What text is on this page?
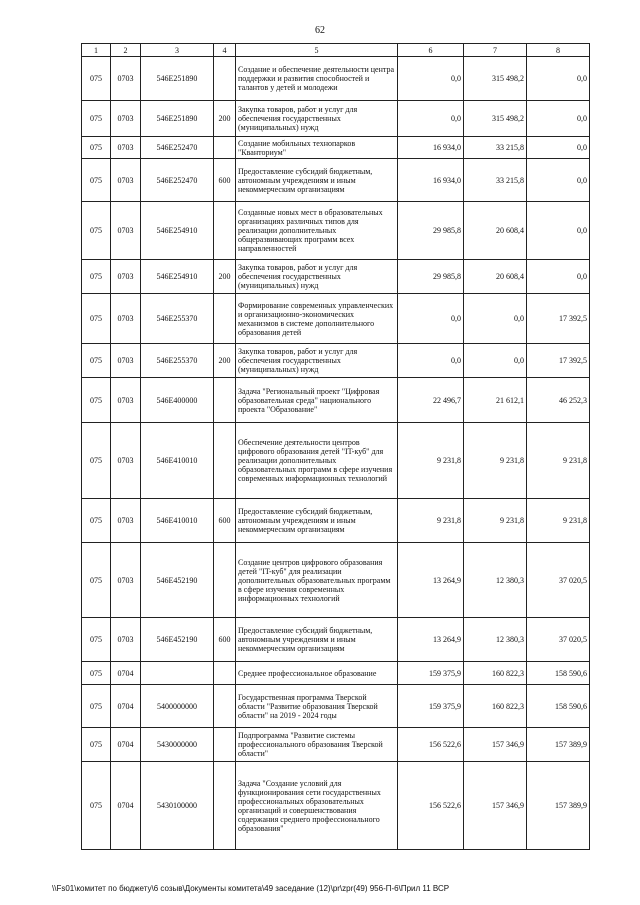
62
1	2	3	4	5	6	7	8
075	0703	546E251890		Создание и обеспечение деятельности центра поддержки и развития способностей и талантов у детей и молодежи	0,0	315 498,2	0,0
075	0703	546E251890	200	Закупка товаров, работ и услуг для обеспечения государственных (муниципальных) нужд	0,0	315 498,2	0,0
075	0703	546E252470		Создание мобильных технопарков "Кванториум"	16 934,0	33 215,8	0,0
075	0703	546E252470	600	Предоставление субсидий бюджетным, автономным учреждениям и иным некоммерческим организациям	16 934,0	33 215,8	0,0
075	0703	546E254910		Созданные новых мест в образовательных организациях различных типов для реализации дополнительных общеразвивающих программ всех направленностей	29 985,8	20 608,4	0,0
075	0703	546E254910	200	Закупка товаров, работ и услуг для обеспечения государственных (муниципальных) нужд	29 985,8	20 608,4	0,0
075	0703	546E255370		Формирование современных управленческих и организационно-экономических механизмов в системе дополнительного образования детей	0,0	0,0	17 392,5
075	0703	546E255370	200	Закупка товаров, работ и услуг для обеспечения государственных (муниципальных) нужд	0,0	0,0	17 392,5
075	0703	546E400000		Задача "Региональный проект "Цифровая образовательная среда" национального проекта "Образование"	22 496,7	21 612,1	46 252,3
075	0703	546E410010		Обеспечение деятельности центров цифрового образования детей "IT-куб" для реализации дополнительных образовательных программ в сфере изучения современных информационных технологий	9 231,8	9 231,8	9 231,8
075	0703	546E410010	600	Предоставление субсидий бюджетным, автономным учреждениям и иным некоммерческим организациям	9 231,8	9 231,8	9 231,8
075	0703	546E452190		Создание центров цифрового образования детей "IT-куб" для реализации дополнительных образовательных программ в сфере изучения современных информационных технологий	13 264,9	12 380,3	37 020,5
075	0703	546E452190	600	Предоставление субсидий бюджетным, автономным учреждениям и иным некоммерческим организациям	13 264,9	12 380,3	37 020,5
075	0704			Среднее профессиональное образование	159 375,9	160 822,3	158 590,6
075	0704	5400000000		Государственная программа Тверской области "Развитие образования Тверской области" на 2019 - 2024 годы	159 375,9	160 822,3	158 590,6
075	0704	5430000000		Подпрограмма "Развитие системы профессионального образования Тверской области"	156 522,6	157 346,9	157 389,9
075	0704	5430100000		Задача "Создание условий для функционирования сети государственных профессиональных образовательных организаций и совершенствования содержания среднего профессионального образования"	156 522,6	157 346,9	157 389,9
\\Fs01\комитет по бюджету\6 созыв\Документы комитета\49 заседание (12)\pr\zpr(49) 956-П-6\Прил 11 ВСР
